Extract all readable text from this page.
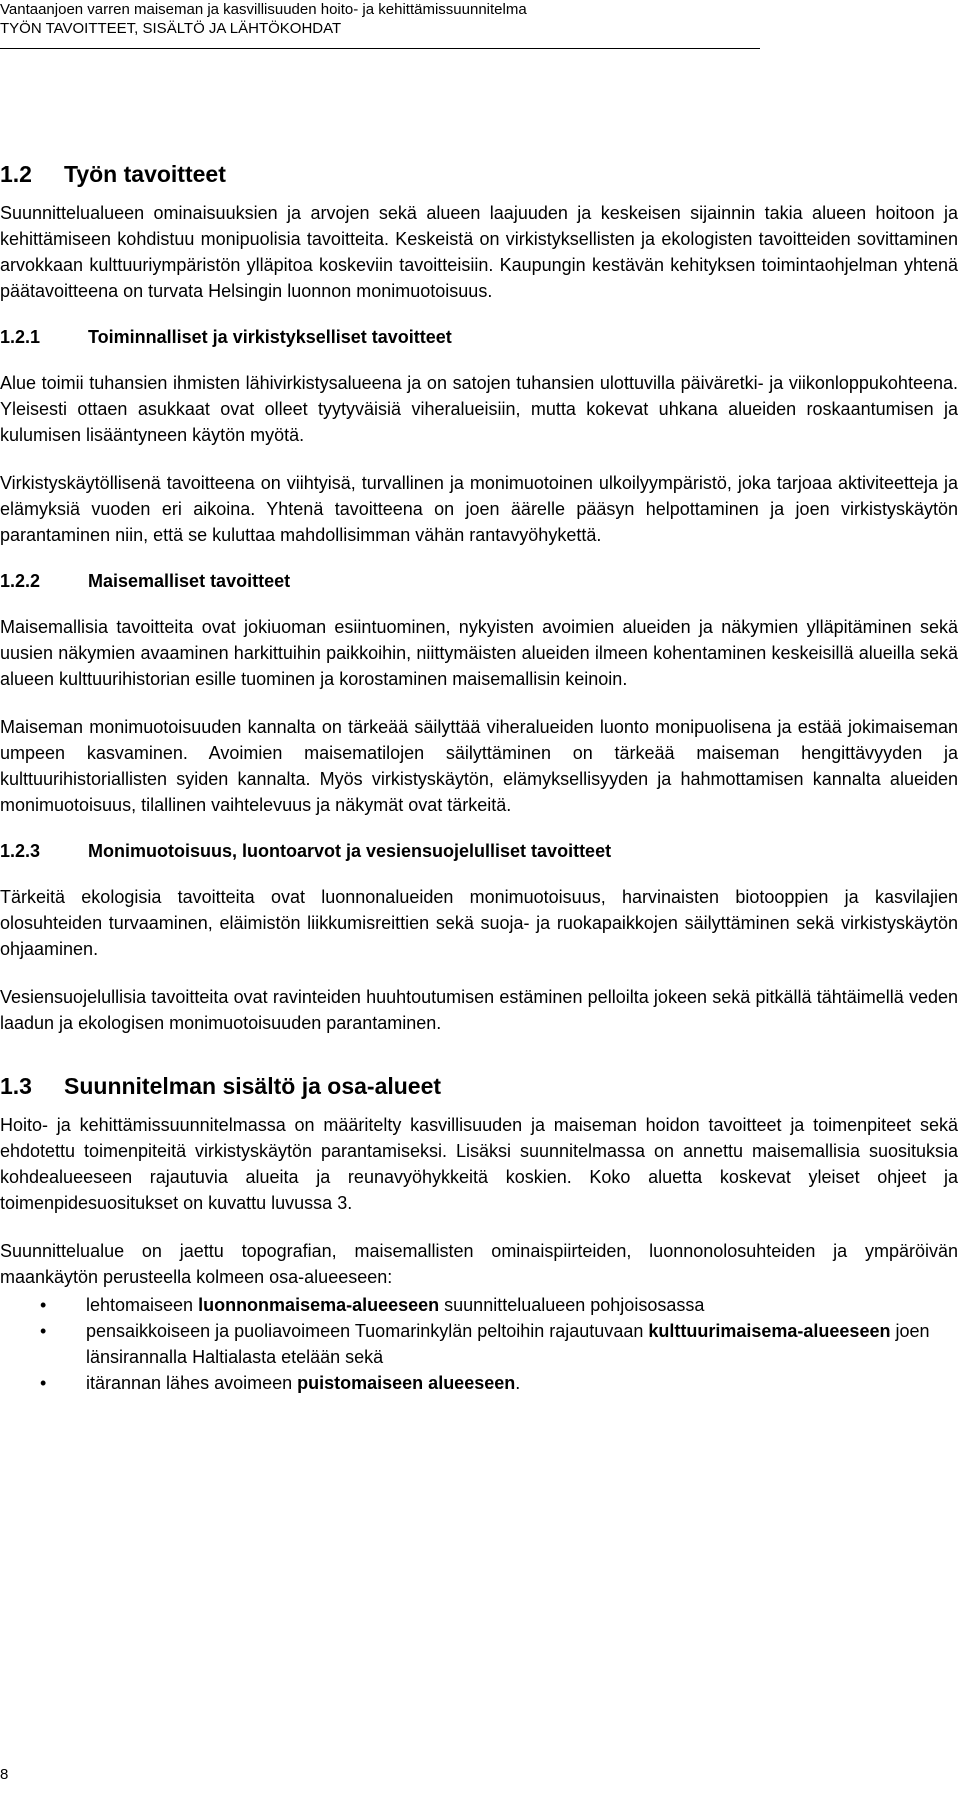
Vantaanjoen varren maiseman ja kasvillisuuden hoito- ja kehittämissuunnitelma
TYÖN TAVOITTEET, SISÄLTÖ JA LÄHTÖKOHDAT
1.2 Työn tavoitteet

Suunnittelualueen ominaisuuksien ja arvojen sekä alueen laajuuden ja keskeisen sijainnin takia alueen hoitoon ja kehittämiseen kohdistuu monipuolisia tavoitteita. Keskeistä on virkistyksellisten ja ekologisten tavoitteiden sovittaminen arvokkaan kulttuuriympäristön ylläpitoa koskeviin tavoitteisiin. Kaupungin kestävän kehityksen toimintaohjelman yhtenä päätavoitteena on turvata Helsingin luonnon monimuotoisuus.

1.2.1	Toiminnalliset ja virkistykselliset tavoitteet

Alue toimii tuhansien ihmisten lähivirkistysalueena ja on satojen tuhansien ulottuvilla päiväretki- ja viikonloppukohteena. Yleisesti ottaen asukkaat ovat olleet tyytyväisiä viheralueisiin, mutta kokevat uhkana alueiden roskaantumisen ja kulumisen lisääntyneen käytön myötä.

Virkistyskäytöllisenä tavoitteena on viihtyisä, turvallinen ja monimuotoinen ulkoilyympäristö, joka tarjoaa aktiviteetteja ja elämyksiä vuoden eri aikoina. Yhtenä tavoitteena on joen äärelle pääsyn helpottaminen ja joen virkistyskäytön parantaminen niin, että se kuluttaa mahdollisimman vähän rantavyöhykettä.

1.2.2	Maisemalliset tavoitteet

Maisemallisia tavoitteita ovat jokiuoman esiintuominen, nykyisten avoimien alueiden ja näkymien ylläpitäminen sekä uusien näkymien avaaminen harkittuihin paikkoihin, niittymäisten alueiden ilmeen kohentaminen keskeisillä alueilla sekä alueen kulttuurihistorian esille tuominen ja korostaminen maisemallisin keinoin.

Maiseman monimuotoisuuden kannalta on tärkeää säilyttää viheralueiden luonto monipuolisena ja estää jokimaiseman umpeen kasvaminen. Avoimien maisematilojen säilyttäminen on tärkeää maiseman hengittävyyden ja kulttuurihistoriallisten syiden kannalta. Myös virkistyskäytön, elämyksellisyyden ja hahmottamisen kannalta alueiden monimuotoisuus, tilallinen vaihtelevuus ja näkymät ovat tärkeitä.

1.2.3	Monimuotoisuus, luontoarvot ja vesiensuojelulliset tavoitteet

Tärkeitä ekologisia tavoitteita ovat luonnonalueiden monimuotoisuus, harvinaisten biotooppien ja kasvilajien olosuhteiden turvaaminen, eläimistön liikkumisreittien sekä suoja- ja ruokapaikkojen säilyttäminen sekä virkistyskäytön ohjaaminen.

Vesiensuojelullisia tavoitteita ovat ravinteiden huuhtoutumisen estäminen pelloilta jokeen sekä pitkällä tähtäimellä veden laadun ja ekologisen monimuotoisuuden parantaminen.

1.3 Suunnitelman sisältö ja osa-alueet

Hoito- ja kehittämissuunnitelmassa on määritelty kasvillisuuden ja maiseman hoidon tavoitteet ja toimenpiteet sekä ehdotettu toimenpiteitä virkistyskäytön parantamiseksi. Lisäksi suunnitelmassa on annettu maisemallisia suosituksia kohdealueeseen rajautuvia alueita ja reunavyöhykkeitä koskien. Koko aluetta koskevat yleiset ohjeet ja toimenpidesuositukset on kuvattu luvussa 3.

Suunnittelualue on jaettu topografian, maisemallisten ominaispiirteiden, luonnonolosuhteiden ja ympäröivän maankäytön perusteella kolmeen osa-alueeseen:

• lehtomaiseen luonnonmaisema-alueeseen suunnittelualueen pohjoisosassa
• pensaikkoiseen ja puoliavoimeen Tuomarinkylän peltoihin rajautuvaan kulttuurimaisema-alueeseen joen länsirannalla Haltialasta etelään sekä
• itärannan lähes avoimeen puistomaiseen alueeseen.
8
